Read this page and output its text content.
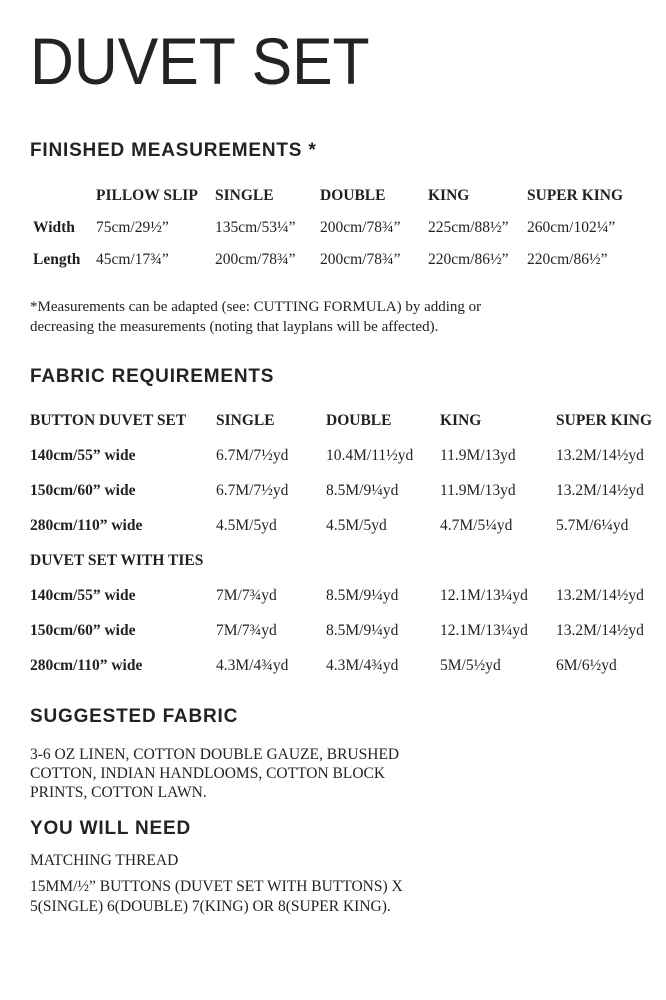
DUVET SET
FINISHED MEASUREMENTS *
PILLOW SLIP	SINGLE	DOUBLE	KING	SUPER KING
Width	75cm/29½”	135cm/53¼”	200cm/78¾”	225cm/88½”	260cm/102¼”
Length	45cm/17¾”	200cm/78¾”	200cm/78¾”	220cm/86½”	220cm/86½”
*Measurements can be adapted (see: CUTTING FORMULA) by adding or
decreasing the measurements (noting that layplans will be affected).
FABRIC REQUIREMENTS
BUTTON DUVET SET	SINGLE	DOUBLE	KING	SUPER KING
140cm/55” wide	6.7M/7½yd	10.4M/11½yd	11.9M/13yd	13.2M/14½yd
150cm/60” wide	6.7M/7½yd	8.5M/9¼yd	11.9M/13yd	13.2M/14½yd
280cm/110” wide	4.5M/5yd	4.5M/5yd	4.7M/5¼yd	5.7M/6¼yd
DUVET SET WITH TIES
140cm/55” wide	7M/7¾yd	8.5M/9¼yd	12.1M/13¼yd	13.2M/14½yd
150cm/60” wide	7M/7¾yd	8.5M/9¼yd	12.1M/13¼yd	13.2M/14½yd
280cm/110” wide	4.3M/4¾yd	4.3M/4¾yd	5M/5½yd	6M/6½yd
SUGGESTED FABRIC
3-6 OZ LINEN, COTTON DOUBLE GAUZE, BRUSHED
COTTON, INDIAN HANDLOOMS, COTTON BLOCK
PRINTS, COTTON LAWN.
YOU WILL NEED
MATCHING THREAD
15MM/½” BUTTONS (DUVET SET WITH BUTTONS) X
5(SINGLE) 6(DOUBLE) 7(KING) OR 8(SUPER KING).
